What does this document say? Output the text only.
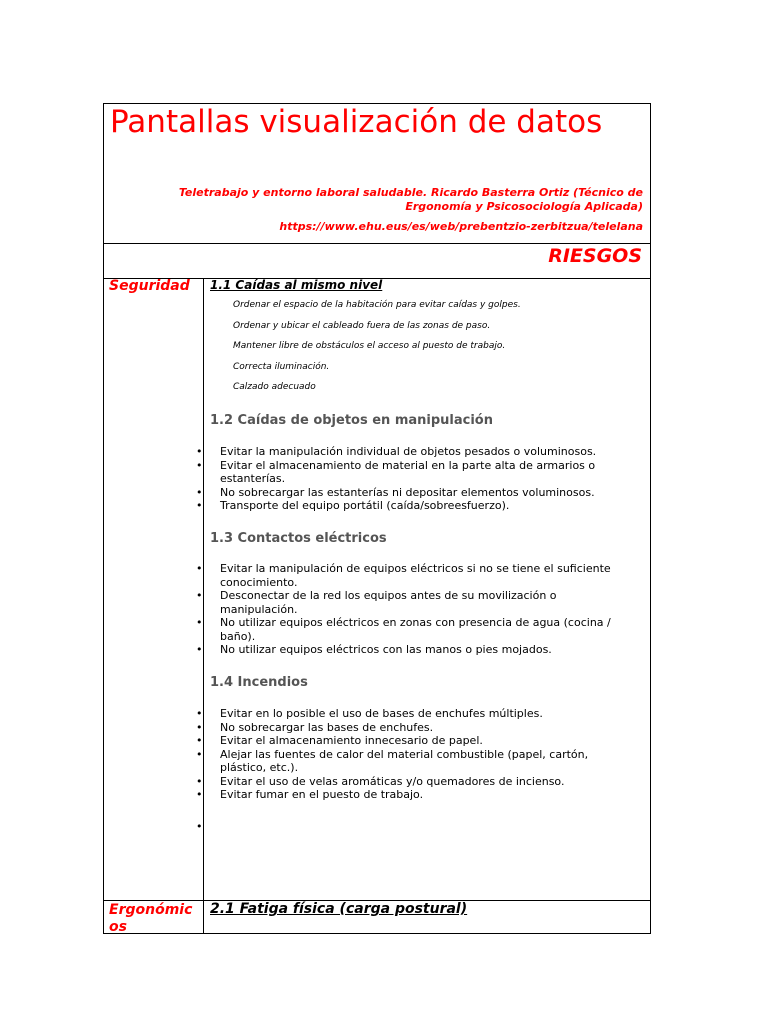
Pantallas visualización de datos
Teletrabajo y entorno laboral saludable. Ricardo Basterra Ortiz (Técnico de Ergonomía y Psicosociología Aplicada)
https://www.ehu.eus/es/web/prebentzio-zerbitzua/telelana
RIESGOS
Seguridad 1.1 Caídas al mismo nivel
Ordenar el espacio de la habitación para evitar caídas y golpes.
Ordenar y ubicar el cableado fuera de las zonas de paso.
Mantener libre de obstáculos el acceso al puesto de trabajo.
Correcta iluminación.
Calzado adecuado
1.2 Caídas de objetos en manipulación
• Evitar la manipulación individual de objetos pesados o voluminosos.
• Evitar el almacenamiento de material en la parte alta de armarios o estanterías.
• No sobrecargar las estanterías ni depositar elementos voluminosos.
• Transporte del equipo portátil (caída/sobreesfuerzo).
1.3 Contactos eléctricos
• Evitar la manipulación de equipos eléctricos si no se tiene el suficiente conocimiento.
• Desconectar de la red los equipos antes de su movilización o manipulación.
• No utilizar equipos eléctricos en zonas con presencia de agua (cocina / baño).
• No utilizar equipos eléctricos con las manos o pies mojados.
1.4 Incendios
• Evitar en lo posible el uso de bases de enchufes múltiples.
• No sobrecargar las bases de enchufes.
• Evitar el almacenamiento innecesario de papel.
• Alejar las fuentes de calor del material combustible (papel, cartón, plástico, etc.).
• Evitar el uso de velas aromáticas y/o quemadores de incienso.
• Evitar fumar en el puesto de trabajo.
•
Ergonómic
os
2.1 Fatiga física (carga postural)
